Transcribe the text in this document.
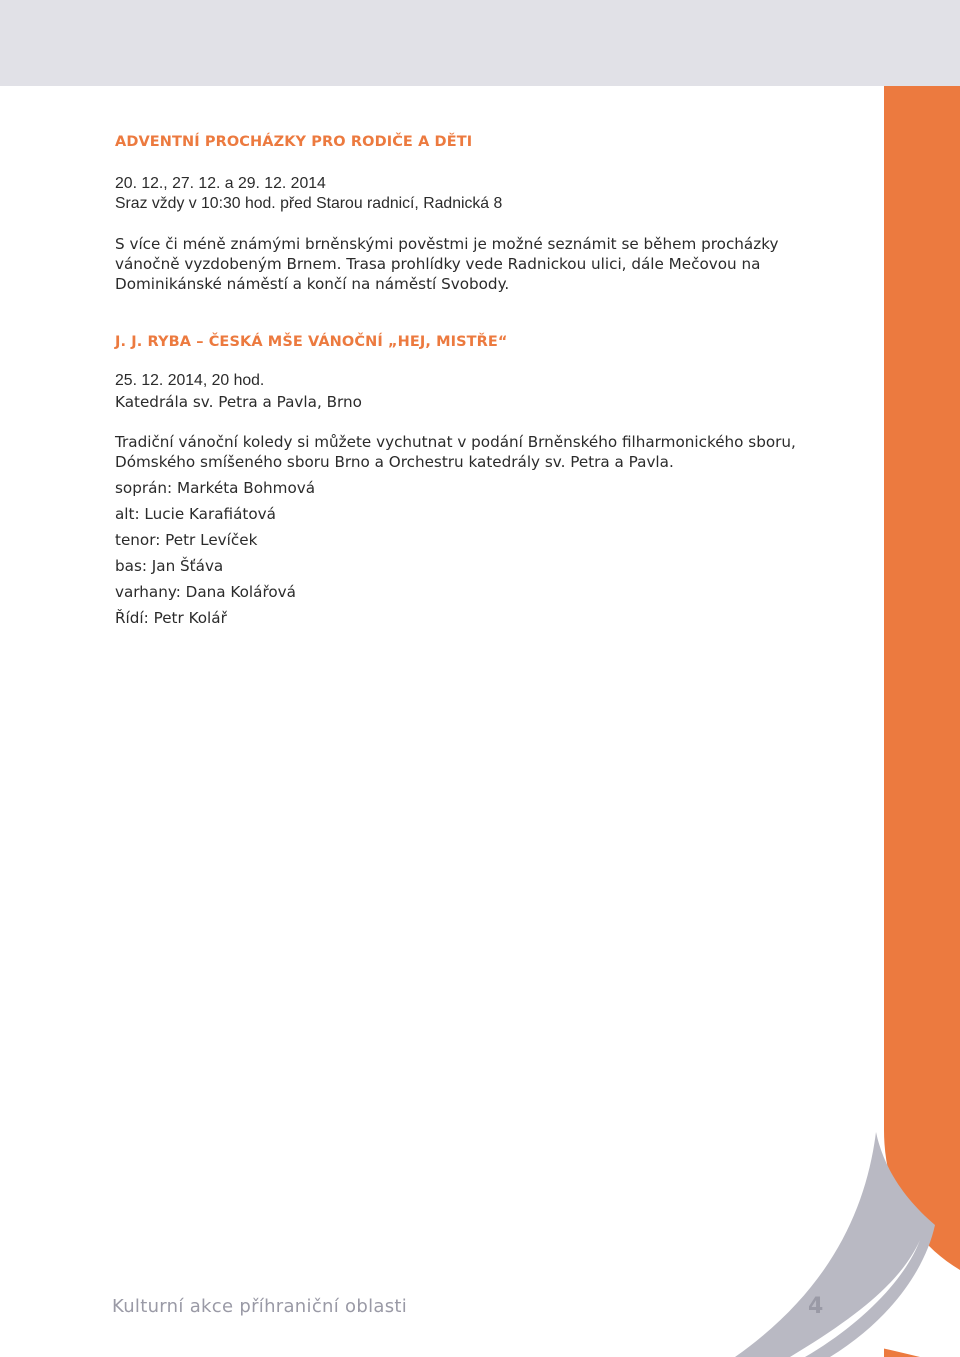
ADVENTNÍ PROCHÁZKY PRO RODIČE A DĚTI
20. 12., 27. 12. a 29. 12. 2014
Sraz vždy v 10:30 hod. před Starou radnicí, Radnická 8
S více či méně známými brněnskými pověstmi je možné seznámit se během procházky
vánočně vyzdobeným Brnem. Trasa prohlídky vede Radnickou ulici, dále Mečovou na
Dominikánské náměstí a končí na náměstí Svobody.
J. J. RYBA – ČESKÁ MŠE VÁNOČNÍ „HEJ, MISTŘE“
25. 12. 2014, 20 hod.
Katedrála sv. Petra a Pavla, Brno
Tradiční vánoční koledy si můžete vychutnat v podání Brněnského filharmonického sboru,
Dómského smíšeného sboru Brno a Orchestru katedrály sv. Petra a Pavla.
soprán: Markéta Bohmová
alt: Lucie Karafiátová
tenor: Petr Levíček
bas: Jan Šťáva
varhany: Dana Kolářová
Řídí: Petr Kolář
Kulturní akce příhraniční oblasti	4
